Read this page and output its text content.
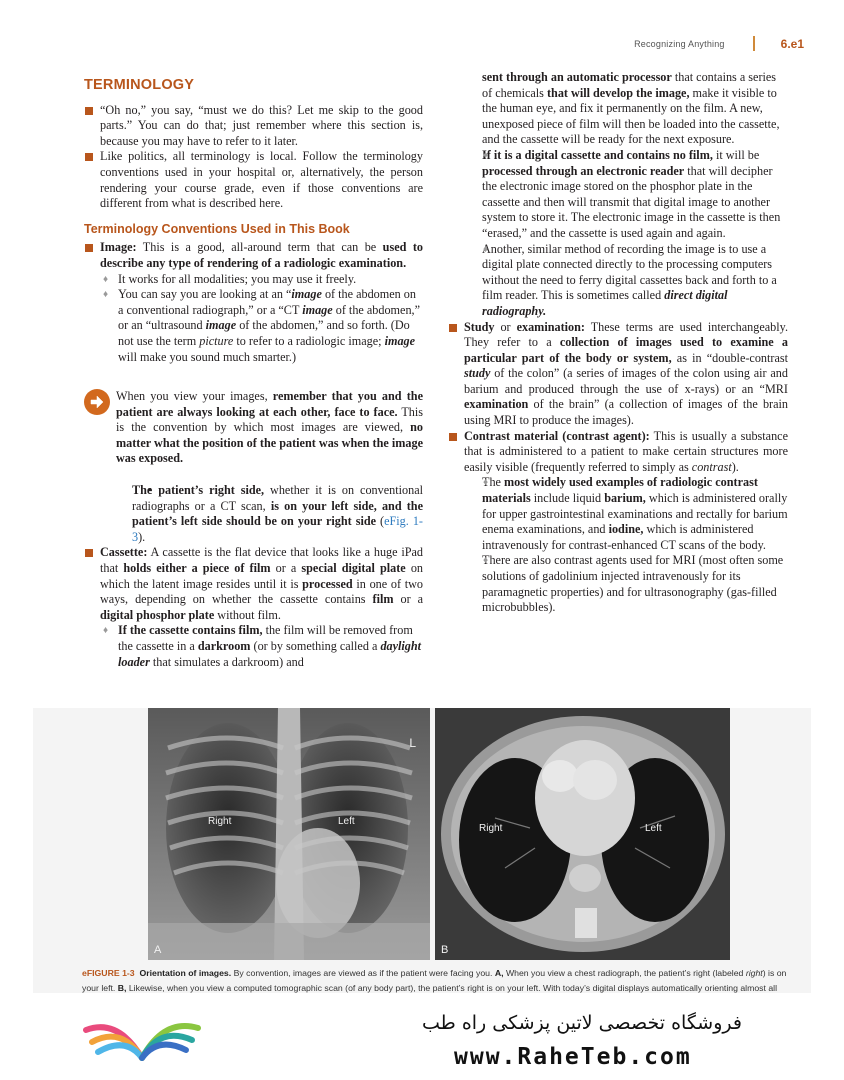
Recognizing Anything	6.e1
TERMINOLOGY
“Oh no,” you say, “must we do this? Let me skip to the good parts.” You can do that; just remember where this section is, because you may have to refer to it later.
Like politics, all terminology is local. Follow the terminology conventions used in your hospital or, alternatively, the person rendering your course grade, even if those conventions are different from what is described here.
Terminology Conventions Used in This Book
Image: This is a good, all-around term that can be used to describe any type of rendering of a radiologic examination.
♦ It works for all modalities; you may use it freely.
♦ You can say you are looking at an “image of the abdomen on a conventional radiograph,” or a “CT image of the abdomen,” or an “ultrasound image of the abdomen,” and so forth. (Do not use the term picture to refer to a radiologic image; image will make you sound much smarter.)
When you view your images, remember that you and the patient are always looking at each other, face to face. This is the convention by which most images are viewed, no matter what the position of the patient was when the image was exposed.
• The patient’s right side, whether it is on conventional radiographs or a CT scan, is on your left side, and the patient’s left side should be on your right side (eFig. 1-3).
Cassette: A cassette is the flat device that looks like a huge iPad that holds either a piece of film or a special digital plate on which the latent image resides until it is processed in one of two ways, depending on whether the cassette contains film or a digital phosphor plate without film.
♦ If the cassette contains film, the film will be removed from the cassette in a darkroom (or by something called a daylight loader that simulates a darkroom) and
sent through an automatic processor that contains a series of chemicals that will develop the image, make it visible to the human eye, and fix it permanently on the film. A new, unexposed piece of film will then be loaded into the cassette, and the cassette will be ready for the next exposure.
♦ If it is a digital cassette and contains no film, it will be processed through an electronic reader that will decipher the electronic image stored on the phosphor plate in the cassette and then will transmit that digital image to another system to store it. The electronic image in the cassette is then “erased,” and the cassette is used again and again.
♦ Another, similar method of recording the image is to use a digital plate connected directly to the processing computers without the need to ferry digital cassettes back and forth to a film reader. This is sometimes called direct digital radiography.
Study or examination: These terms are used interchangeably. They refer to a collection of images used to examine a particular part of the body or system, as in “double-contrast study of the colon” (a series of images of the colon using air and barium and produced through the use of x-rays) or an “MRI examination of the brain” (a collection of images of the brain using MRI to produce the images).
Contrast material (contrast agent): This is usually a substance that is administered to a patient to make certain structures more easily visible (frequently referred to simply as contrast).
♦ The most widely used examples of radiologic contrast materials include liquid barium, which is administered orally for upper gastrointestinal examinations and rectally for barium enema examinations, and iodine, which is administered intravenously for contrast-enhanced CT scans of the body.
♦ There are also contrast agents used for MRI (most often some solutions of gadolinium injected intravenously for its paramagnetic properties) and for ultrasonography (gas-filled microbubbles).
Right	Left
L
A
Right	Left
B
eFIGURE 1-3 Orientation of images. By convention, images are viewed as if the patient were facing you. A, When you view a chest radiograph, the patient’s right (labeled right) is on your left. B, Likewise, when you view a computed tomographic scan (of any body part), the patient’s right is on your left. With today’s digital displays automatically orienting almost all
فروشگاه تخصصی لاتین پزشکی راه طب
www.RaheTeb.com
